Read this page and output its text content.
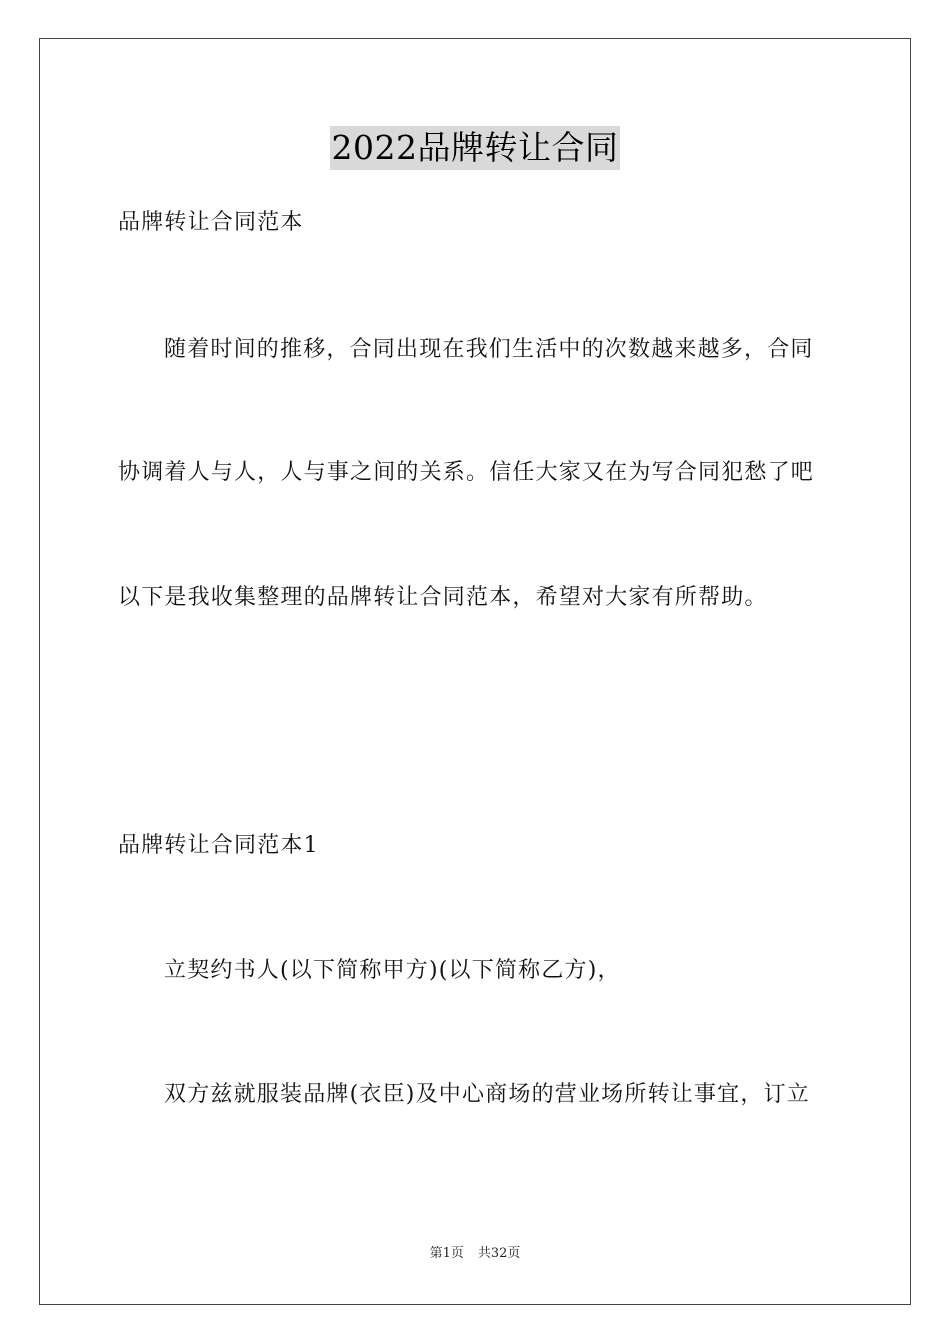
2022品牌转让合同
品牌转让合同范本
随着时间的推移，合同出现在我们生活中的次数越来越多，合同
协调着人与人，人与事之间的关系。信任大家又在为写合同犯愁了吧
以下是我收集整理的品牌转让合同范本，希望对大家有所帮助。
品牌转让合同范本1
立契约书人(以下简称甲方)(以下简称乙方)，
双方兹就服装品牌(衣臣)及中心商场的营业场所转让事宜，订立
第1页 共32页
